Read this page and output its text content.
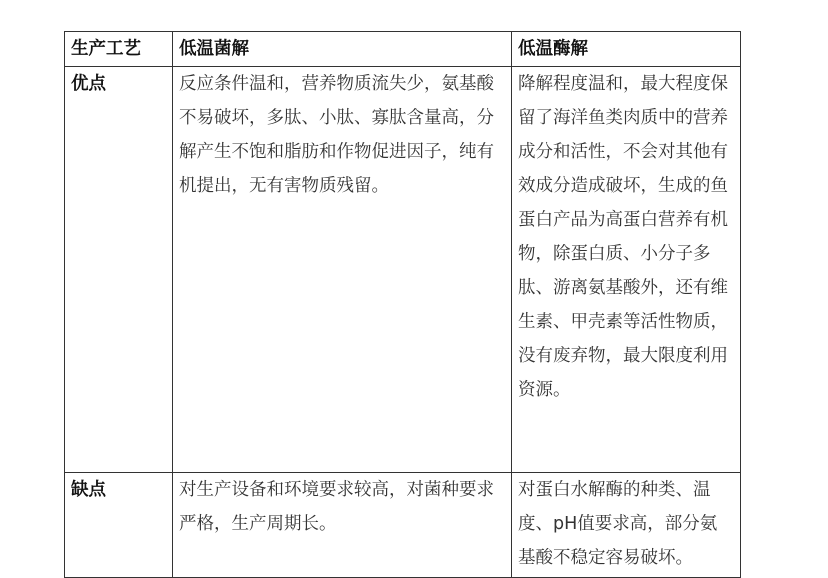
生产工艺	低温菌解	低温酶解
优点	反应条件温和，营养物质流失少，氨基酸不易破坏，多肽、小肽、寡肽含量高，分解产生不饱和脂肪和作物促进因子，纯有机提出，无有害物质残留。	降解程度温和，最大程度保留了海洋鱼类肉质中的营养成分和活性，不会对其他有效成分造成破坏，生成的鱼蛋白产品为高蛋白营养有机物，除蛋白质、小分子多肽、游离氨基酸外，还有维生素、甲壳素等活性物质，没有废弃物，最大限度利用资源。
缺点	对生产设备和环境要求较高，对菌种要求严格，生产周期长。	对蛋白水解酶的种类、温度、pH值要求高，部分氨基酸不稳定容易破坏。
